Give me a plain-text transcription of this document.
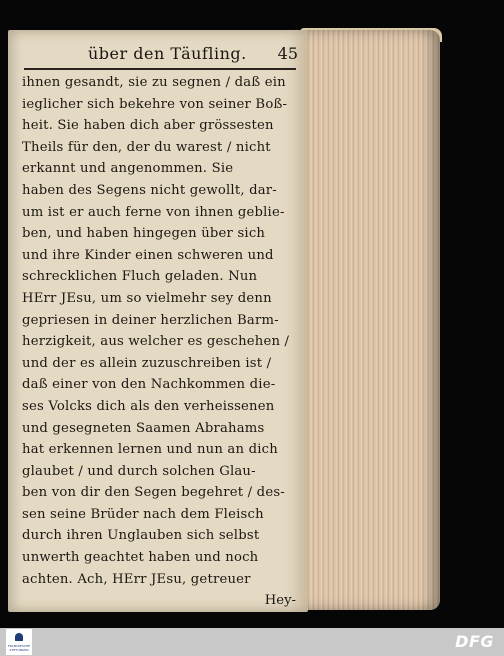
über den Täufling.	45
ihnen gesandt, sie zu segnen / daß ein
ieglicher sich bekehre von seiner Boß-
heit. Sie haben dich aber grössesten
Theils für den, der du warest / nicht
erkannt und angenommen. Sie
haben des Segens nicht gewollt, dar-
um ist er auch ferne von ihnen geblie-
ben, und haben hingegen über sich
und ihre Kinder einen schweren und
schrecklichen Fluch geladen. Nun
HErr JEsu, um so vielmehr sey denn
gepriesen in deiner herzlichen Barm-
herzigkeit, aus welcher es geschehen /
und der es allein zuzuschreiben ist /
daß einer von den Nachkommen die-
ses Volcks dich als den verheissenen
und gesegneten Saamen Abrahams
hat erkennen lernen und nun an dich
glaubet / und durch solchen Glau-
ben von dir den Segen begehret / des-
sen seine Brüder nach dem Fleisch
durch ihren Unglauben sich selbst
unwerth geachtet haben und noch
achten. Ach, HErr JEsu, getreuer
Hey-
FRANCKESCHE STIFTUNGEN	DFG
